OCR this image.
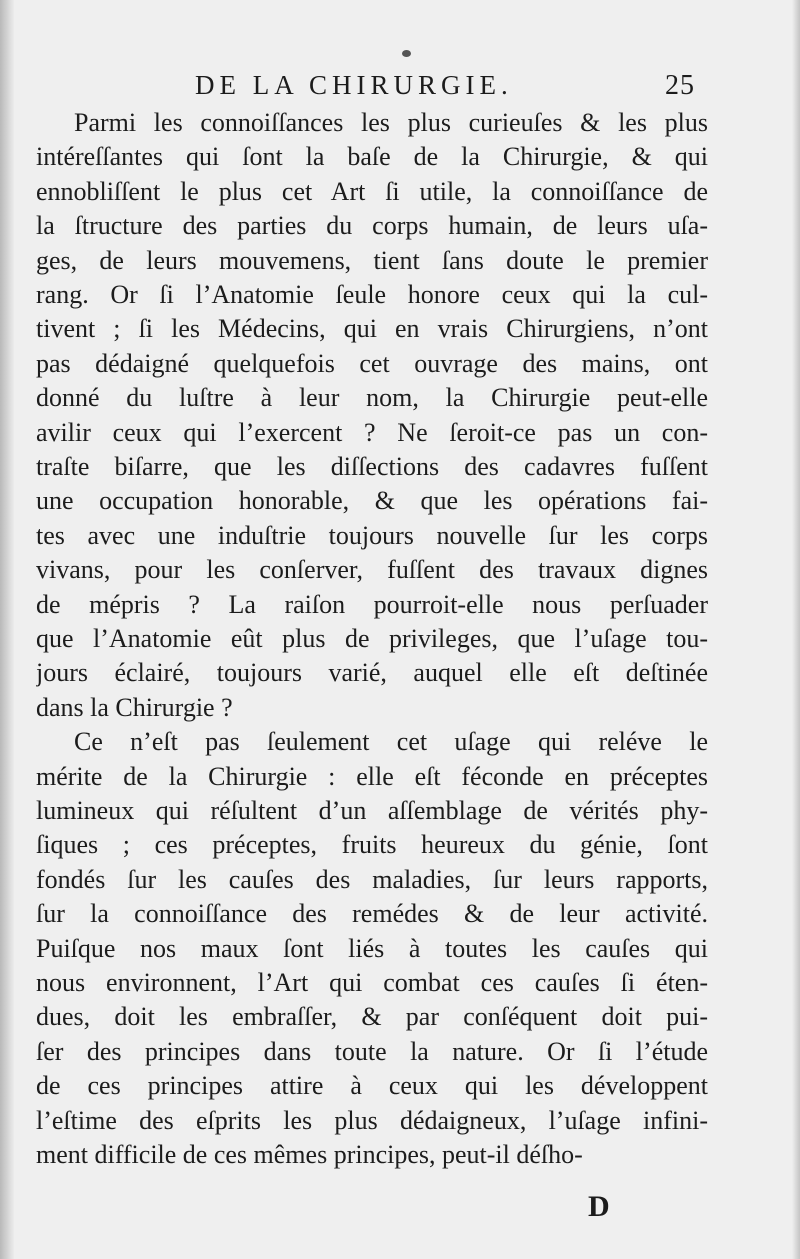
DE LA CHIRURGIE.	25
Parmi les connoiſſances les plus curieuſes & les plus
intéreſſantes qui ſont la baſe de la Chirurgie, & qui
ennobliſſent le plus cet Art ſi utile, la connoiſſance de
la ſtructure des parties du corps humain, de leurs uſa-
ges, de leurs mouvemens, tient ſans doute le premier
rang. Or ſi l’Anatomie ſeule honore ceux qui la cul-
tivent ; ſi les Médecins, qui en vrais Chirurgiens, n’ont
pas dédaigné quelquefois cet ouvrage des mains, ont
donné du luſtre à leur nom, la Chirurgie peut-elle
avilir ceux qui l’exercent ? Ne ſeroit-ce pas un con-
traſte biſarre, que les diſſections des cadavres fuſſent
une occupation honorable, & que les opérations fai-
tes avec une induſtrie toujours nouvelle ſur les corps
vivans, pour les conſerver, fuſſent des travaux dignes
de mépris ? La raiſon pourroit-elle nous perſuader
que l’Anatomie eût plus de privileges, que l’uſage tou-
jours éclairé, toujours varié, auquel elle eſt deſtinée
dans la Chirurgie ?
Ce n’eſt pas ſeulement cet uſage qui reléve le
mérite de la Chirurgie : elle eſt féconde en préceptes
lumineux qui réſultent d’un aſſemblage de vérités phy-
ſiques ; ces préceptes, fruits heureux du génie, ſont
fondés ſur les cauſes des maladies, ſur leurs rapports,
ſur la connoiſſance des remédes & de leur activité.
Puiſque nos maux ſont liés à toutes les cauſes qui
nous environnent, l’Art qui combat ces cauſes ſi éten-
dues, doit les embraſſer, & par conſéquent doit pui-
ſer des principes dans toute la nature. Or ſi l’étude
de ces principes attire à ceux qui les développent
l’eſtime des eſprits les plus dédaigneux, l’uſage infini-
ment difficile de ces mêmes principes, peut-il déſho-
D
